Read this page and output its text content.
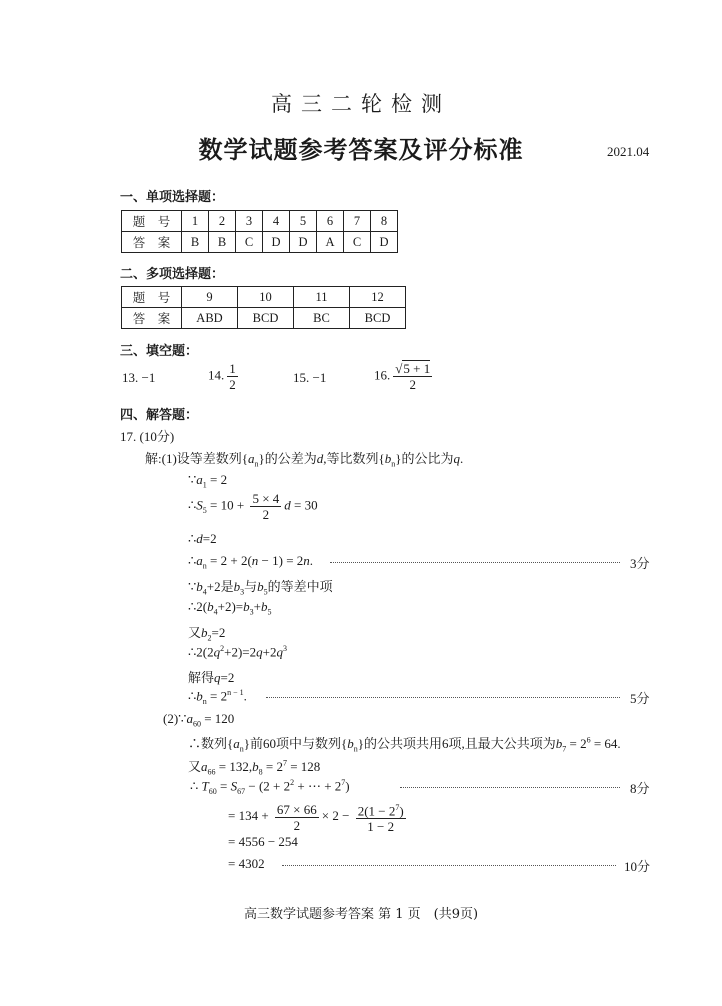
高三二轮检测
数学试题参考答案及评分标准	2021.04
一、单项选择题：
题　号	1	2	3	4	5	6	7	8
答　案	B	B	C	D	D	A	C	D
二、多项选择题：
题　号	9	10	11	12
答　案	ABD	BCD	BC	BCD
三、填空题：
13. −1	14. $\frac{1}{2}$	15. −1	16. $\frac{√5 + 1}{2}$
四、解答题：
17. (10分)
解:(1)设等差数列$\{a_n\}$的公差为d,等比数列$\{b_n\}$的公比为q.
$\because a_1 = 2$
$\therefore S_5 = 10 + \frac{5 \times 4}{2}$ d = 30
∴d=2
$\therefore a_n = 2 + 2(n - 1) = 2n$.	3分
$\because b_4+2$是$b_3$与$b_5$的等差中项
$\therefore 2(b_4+2)=b_3+b_5$
又$b_2=2$
$\therefore 2(2q^2+2)=2q+2q^3$
解得q=2
$\therefore b_n = 2^{n - 1}$.	5分
$(2)\because a_{60} = 120$
∴数列$\{a_n\}$前60项中与数列$\{b_n\}$的公共项共用6项,且最大公共项为$b_7 = 2^6 = 64$.
又$a_{66} = 132,b_8 = 2^7 = 128$
∴ $T_{60} = S_{67} - (2 + 2^2$ + ⋯ + $2^7$)	8分
= $134 + \frac{67 \times 66}{2} \times 2 - \frac{2(1 - 2^7)}{1 - 2}$
= 4556 − 254
= 4302	10分
高三数学试题参考答案 第 1 页　(共9页)
